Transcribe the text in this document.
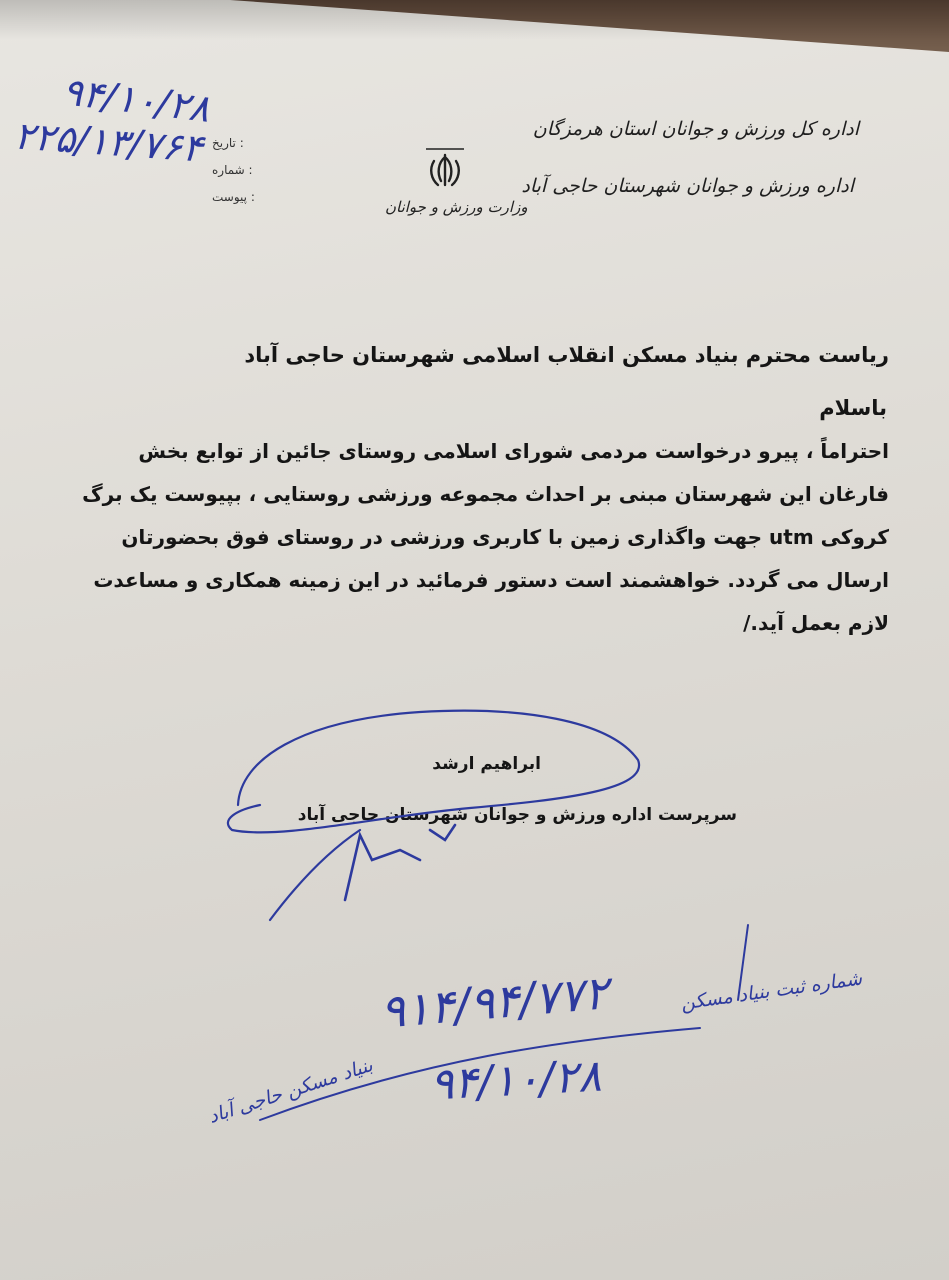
اداره کل ورزش و جوانان استان هرمزگان
اداره ورزش و جوانان شهرستان حاجی آباد
وزارت ورزش و جوانان
تاریخ :
شماره :
پیوست :
۹۴/۱۰/۲۸
۲۲۵/۱۳/۷۶۴
ریاست محترم بنیاد مسکن انقلاب اسلامی شهرستان حاجی آباد
باسلام
احتراماً ، پیرو درخواست مردمی شورای اسلامی روستای جائین از توابع بخش فارغان این شهرستان مبنی بر احداث مجموعه ورزشی روستایی ، بپیوست یک برگ کروکی utm جهت واگذاری زمین با کاربری ورزشی در روستای فوق بحضورتان ارسال می گردد. خواهشمند است دستور فرمائید در این زمینه همکاری و مساعدت لازم بعمل آید./
ابراهیم ارشد
سرپرست اداره ورزش و جوانان شهرستان حاجی آباد
شماره ثبت بنیاد مسکن
۹۱۴/۹۴/۷۷۲
۹۴/۱۰/۲۸
بنیاد مسکن حاجی آباد
